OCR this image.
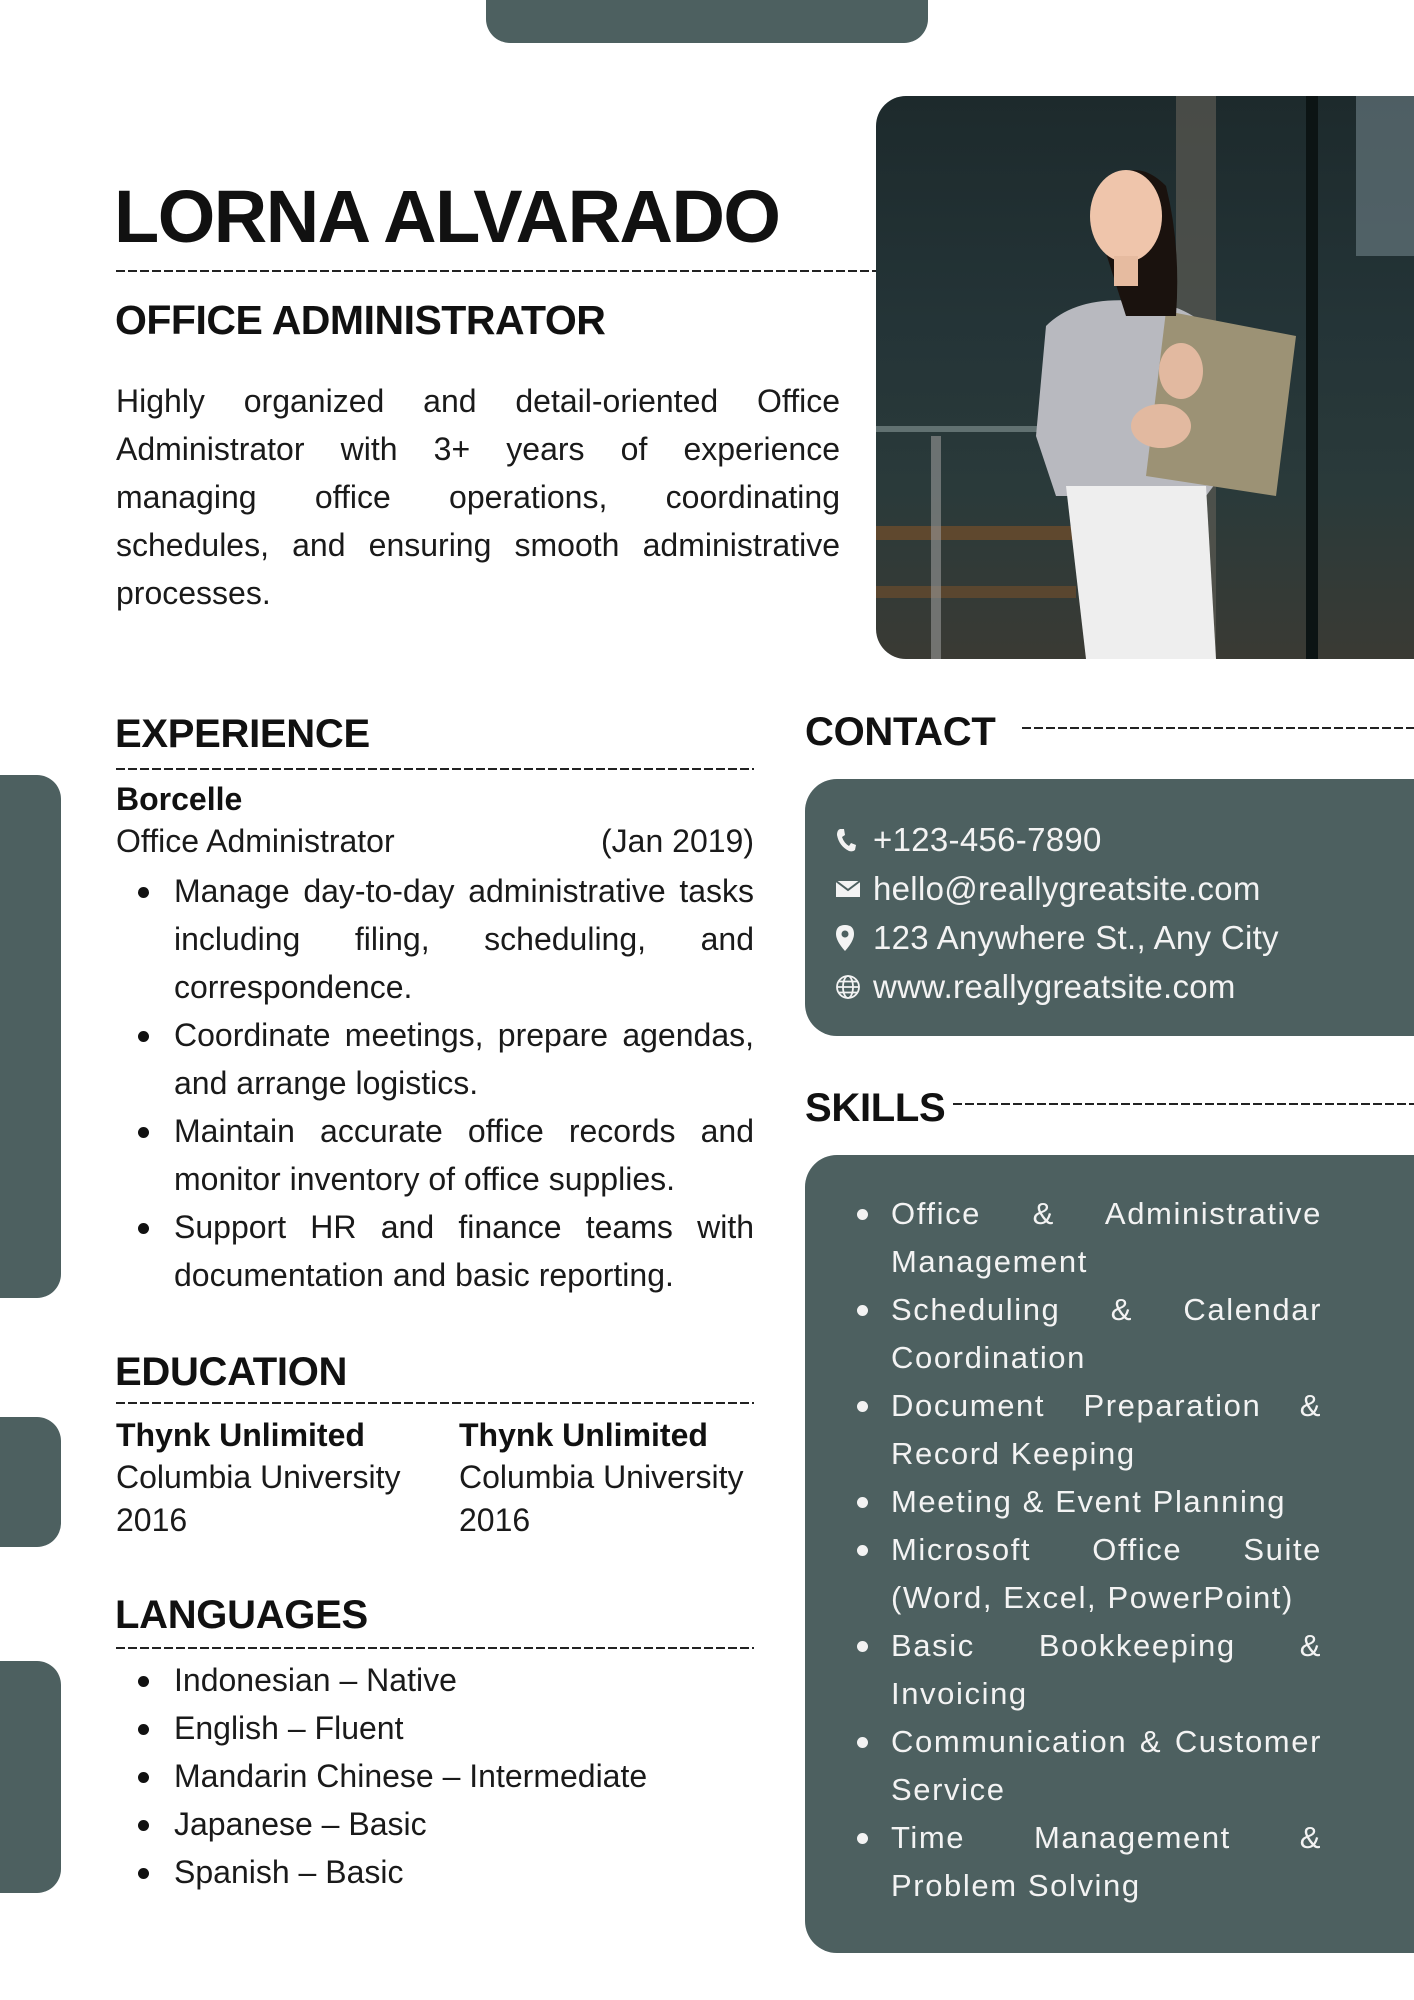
LORNA ALVARADO
OFFICE ADMINISTRATOR

Highly organized and detail-oriented Office Administrator with 3+ years of experience managing office operations, coordinating schedules, and ensuring smooth administrative processes.

EXPERIENCE
Borcelle
Office Administrator	(Jan 2019)
Manage day-to-day administrative tasks including filing, scheduling, and correspondence.
Coordinate meetings, prepare agendas, and arrange logistics.
Maintain accurate office records and monitor inventory of office supplies.
Support HR and finance teams with documentation and basic reporting.
EDUCATION
Thynk Unlimited
Columbia University
2016
Thynk Unlimited
Columbia University
2016
LANGUAGES
Indonesian – Native
English – Fluent
Mandarin Chinese – Intermediate
Japanese – Basic
Spanish – Basic
CONTACT
+123-456-7890
hello@reallygreatsite.com
123 Anywhere St., Any City
www.reallygreatsite.com
SKILLS
Office & Administrative Management
Scheduling & Calendar Coordination
Document Preparation & Record Keeping
Meeting & Event Planning
Microsoft Office Suite (Word, Excel, PowerPoint)
Basic Bookkeeping & Invoicing
Communication & Customer Service
Time Management & Problem Solving
